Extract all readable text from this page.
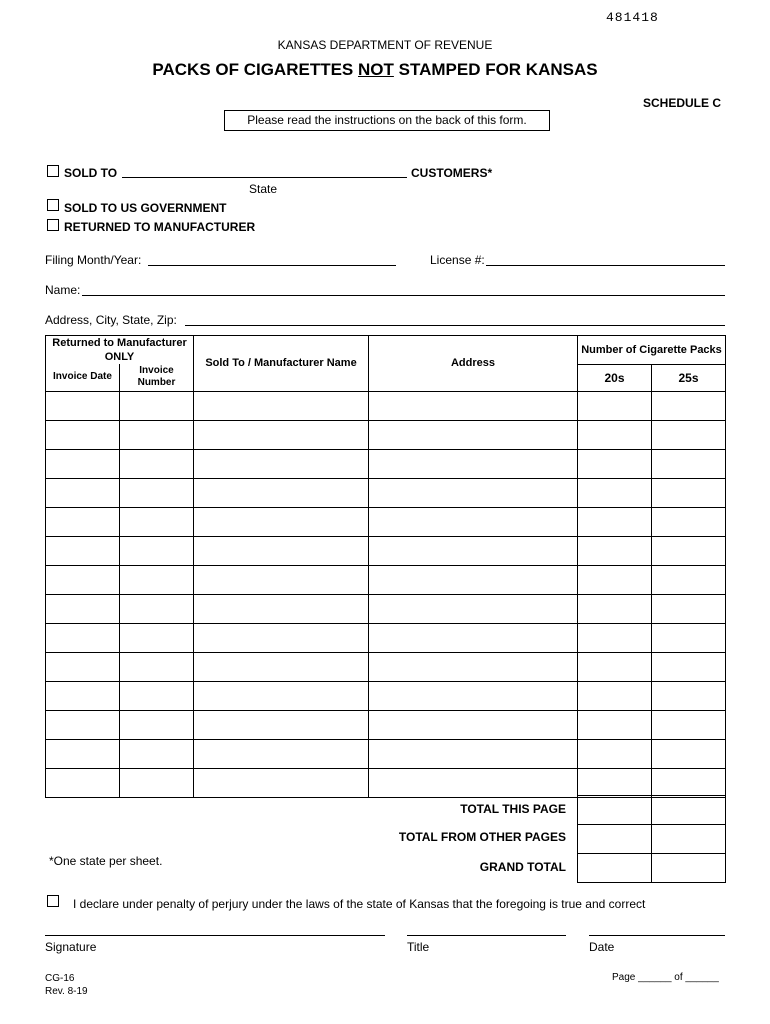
481418
KANSAS DEPARTMENT OF REVENUE
PACKS OF CIGARETTES NOT STAMPED FOR KANSAS
SCHEDULE C
Please read the instructions on the back of this form.
SOLD TO	CUSTOMERS*
State
SOLD TO US GOVERNMENT
RETURNED TO MANUFACTURER
Filing Month/Year:	License #:
Name:
Address, City, State, Zip:
Returned to Manufacturer ONLY		Sold To / Manufacturer Name	Address	Number of Cigarette Packs	
Invoice Date	Invoice Number			20s	25s

TOTAL THIS PAGE
TOTAL FROM OTHER PAGES
GRAND TOTAL
*One state per sheet.
I declare under penalty of perjury under the laws of the state of Kansas that the foregoing is true and correct
Signature	Title	Date
CG-16
Rev. 8-19
Page ______ of ______
